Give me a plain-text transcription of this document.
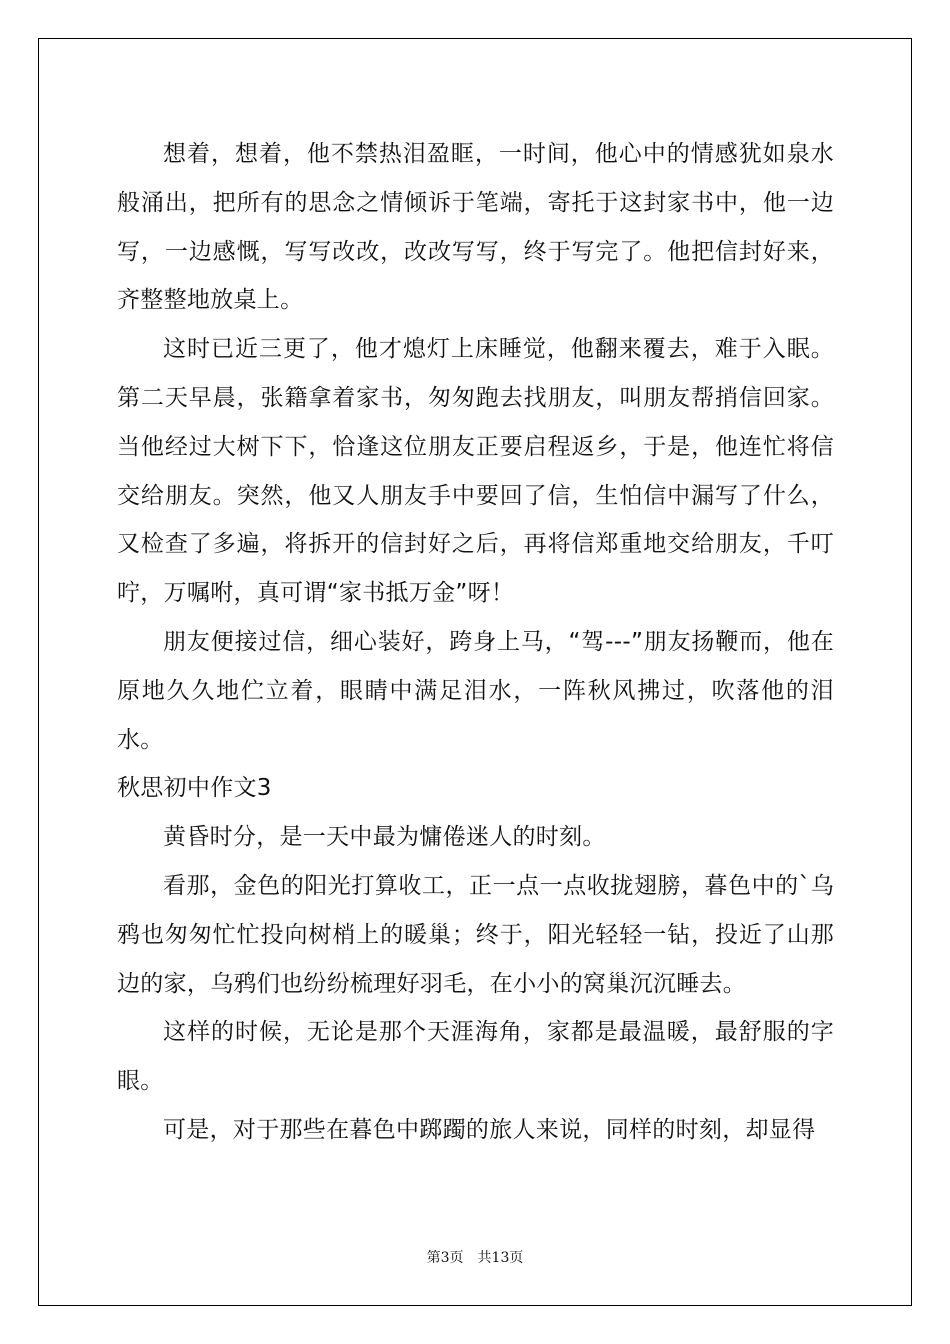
想着，想着，他不禁热泪盈眶，一时间，他心中的情感犹如泉水般涌出，把所有的思念之情倾诉于笔端，寄托于这封家书中，他一边写，一边感慨，写写改改，改改写写，终于写完了。他把信封好来，齐整整地放桌上。

这时已近三更了，他才熄灯上床睡觉，他翻来覆去，难于入眠。第二天早晨，张籍拿着家书，匆匆跑去找朋友，叫朋友帮捎信回家。当他经过大树下下，恰逢这位朋友正要启程返乡，于是，他连忙将信交给朋友。突然，他又人朋友手中要回了信，生怕信中漏写了什么，又检查了多遍，将拆开的信封好之后，再将信郑重地交给朋友，千叮咛，万嘱咐，真可谓“家书抵万金”呀！

朋友便接过信，细心装好，跨身上马，“驾---”朋友扬鞭而，他在原地久久地伫立着，眼睛中满足泪水，一阵秋风拂过，吹落他的泪水。

秋思初中作文3

黄昏时分，是一天中最为慵倦迷人的时刻。

看那，金色的阳光打算收工，正一点一点收拢翅膀，暮色中的`乌鸦也匆匆忙忙投向树梢上的暖巢；终于，阳光轻轻一钻，投近了山那边的家，乌鸦们也纷纷梳理好羽毛，在小小的窝巢沉沉睡去。

这样的时候，无论是那个天涯海角，家都是最温暖，最舒服的字眼。

可是，对于那些在暮色中踯躅的旅人来说，同样的时刻，却显得

第3页　共13页
